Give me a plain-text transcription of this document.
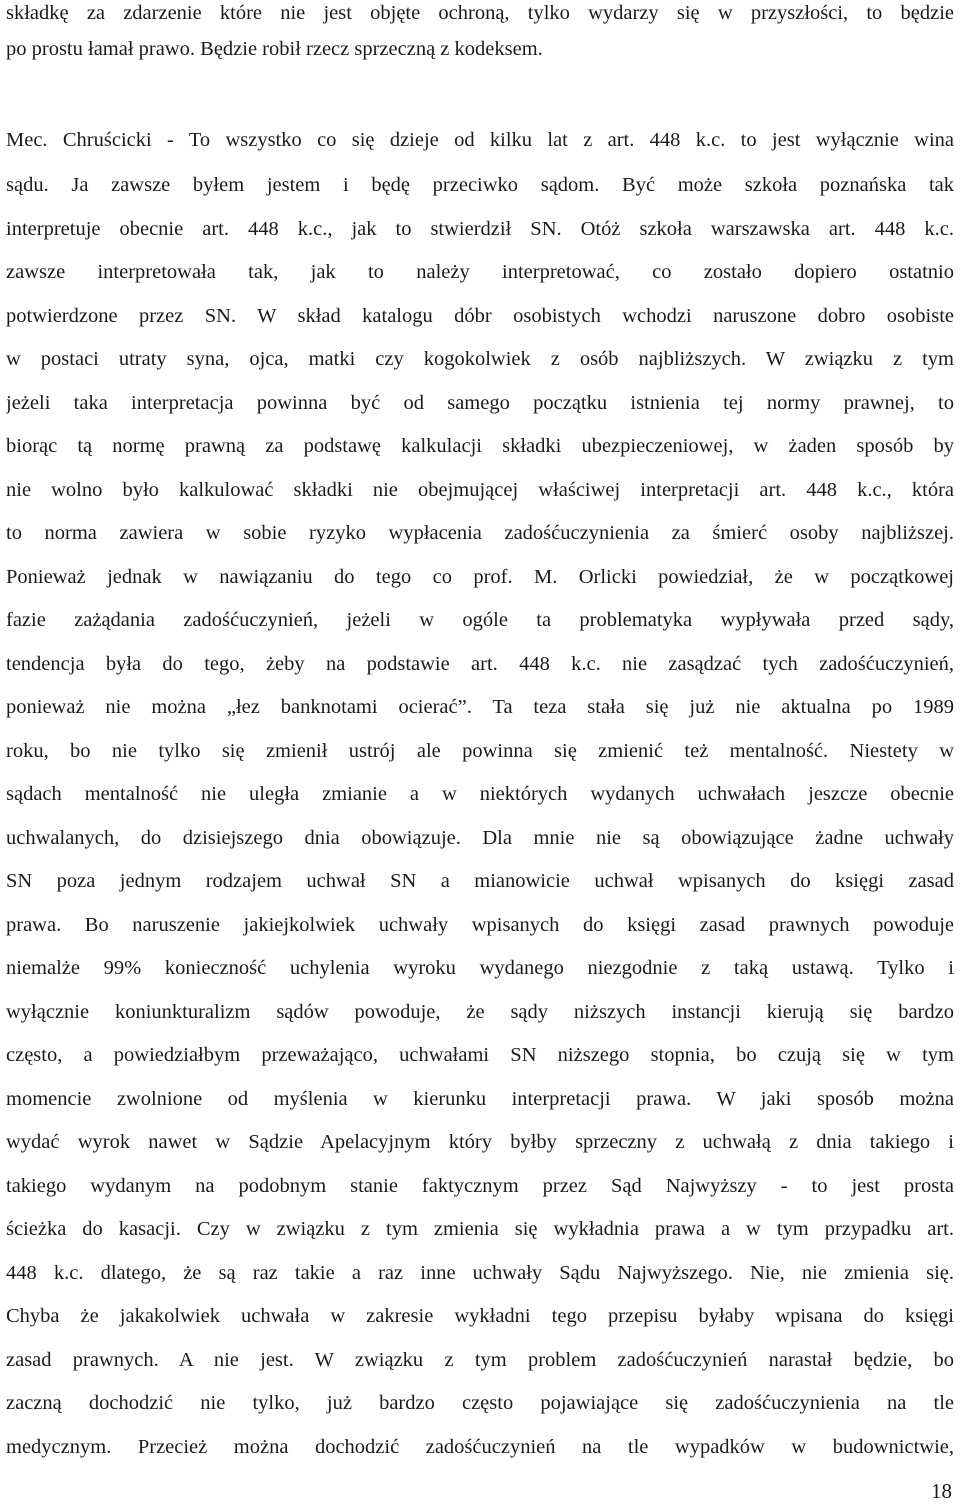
składkę za zdarzenie które nie jest objęte ochroną, tylko wydarzy się w przyszłości, to będzie
po prostu łamał prawo. Będzie robił rzecz sprzeczną z kodeksem.
Mec. Chruścicki - To wszystko co się dzieje od kilku lat z art. 448 k.c. to jest wyłącznie wina
sądu. Ja zawsze byłem jestem i będę przeciwko sądom. Być może szkoła poznańska tak
interpretuje obecnie art. 448 k.c., jak to stwierdził SN. Otóż szkoła warszawska art. 448 k.c.
zawsze interpretowała tak, jak to należy interpretować, co zostało dopiero ostatnio
potwierdzone przez SN. W skład katalogu dóbr osobistych wchodzi naruszone dobro osobiste
w postaci utraty syna, ojca, matki czy kogokolwiek z osób najbliższych. W związku z tym
jeżeli taka interpretacja powinna być od samego początku istnienia tej normy prawnej, to
biorąc tą normę prawną za podstawę kalkulacji składki ubezpieczeniowej, w żaden sposób by
nie wolno było kalkulować składki nie obejmującej właściwej interpretacji art. 448 k.c., która
to norma zawiera w sobie ryzyko wypłacenia zadośćuczynienia za śmierć osoby najbliższej.
Ponieważ jednak w nawiązaniu do tego co prof. M. Orlicki powiedział, że w początkowej
fazie zażądania zadośćuczynień, jeżeli w ogóle ta problematyka wypływała przed sądy,
tendencja była do tego, żeby na podstawie art. 448 k.c. nie zasądzać tych zadośćuczynień,
ponieważ nie można „łez banknotami ocierać”. Ta teza stała się już nie aktualna po 1989
roku, bo nie tylko się zmienił ustrój ale powinna się zmienić też mentalność. Niestety w
sądach mentalność nie uległa zmianie a w niektórych wydanych uchwałach jeszcze obecnie
uchwalanych, do dzisiejszego dnia obowiązuje. Dla mnie nie są obowiązujące żadne uchwały
SN poza jednym rodzajem uchwał SN a mianowicie uchwał wpisanych do księgi zasad
prawa. Bo naruszenie jakiejkolwiek uchwały wpisanych do księgi zasad prawnych powoduje
niemalże 99% konieczność uchylenia wyroku wydanego niezgodnie z taką ustawą. Tylko i
wyłącznie koniunkturalizm sądów powoduje, że sądy niższych instancji kierują się bardzo
często, a powiedziałbym przeważająco, uchwałami SN niższego stopnia, bo czują się w tym
momencie zwolnione od myślenia w kierunku interpretacji prawa. W jaki sposób można
wydać wyrok nawet w Sądzie Apelacyjnym który byłby sprzeczny z uchwałą z dnia takiego i
takiego wydanym na podobnym stanie faktycznym przez Sąd Najwyższy - to jest prosta
ścieżka do kasacji. Czy w związku z tym zmienia się wykładnia prawa a w tym przypadku art.
448 k.c. dlatego, że są raz takie a raz inne uchwały Sądu Najwyższego. Nie, nie zmienia się.
Chyba że jakakolwiek uchwała w zakresie wykładni tego przepisu byłaby wpisana do księgi
zasad prawnych. A nie jest. W związku z tym problem zadośćuczynień narastał będzie, bo
zaczną dochodzić nie tylko, już bardzo często pojawiające się zadośćuczynienia na tle
medycznym. Przecież można dochodzić zadośćuczynień na tle wypadków w budownictwie,
18
